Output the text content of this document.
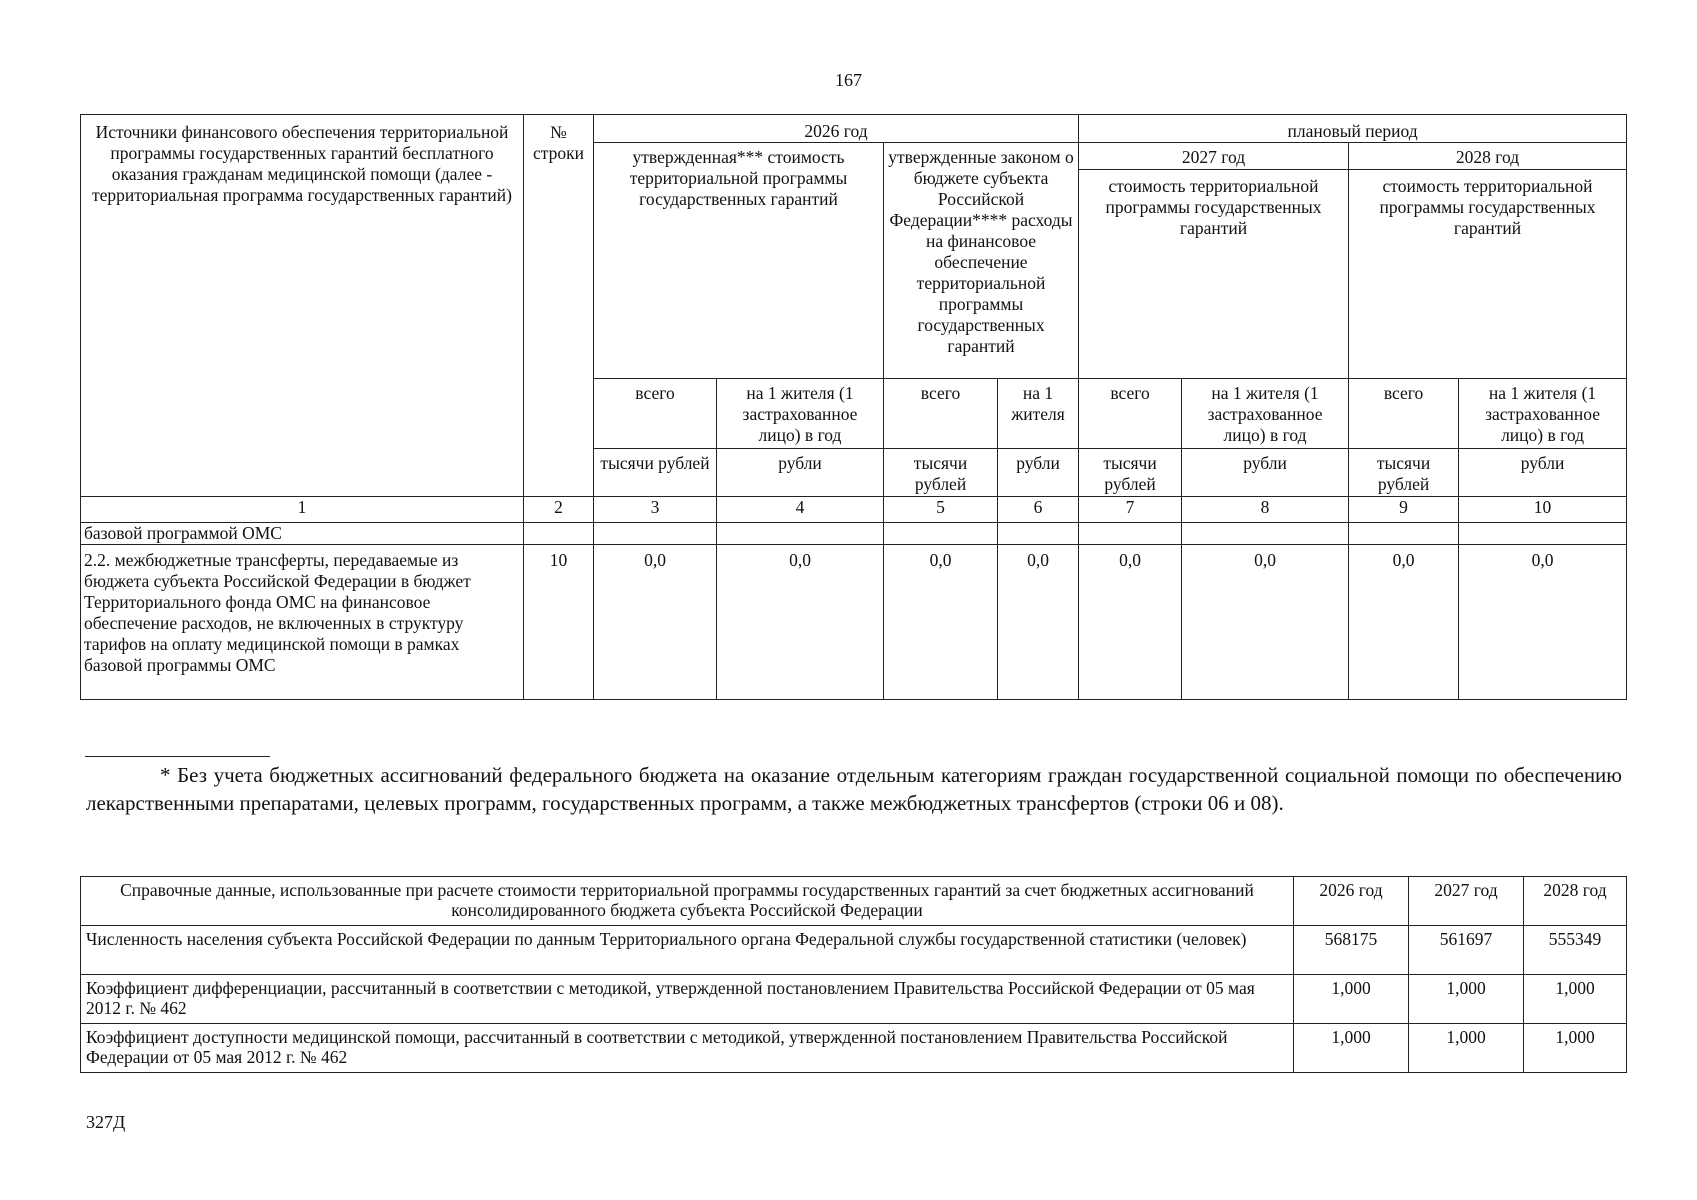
167
Источники финансового обеспечения территориальной программы государственных гарантий бесплатного оказания гражданам медицинской помощи (далее - территориальная программа государственных гарантий)	№ строки	2026 год				плановый период			
		утвержденная*** стоимость территориальной программы государственных гарантий		утвержденные законом о бюджете субъекта Российской Федерации**** расходы на финансовое обеспечение территориальной программы государственных гарантий		2027 год		2028 год	
						стоимость территориальной программы государственных гарантий		стоимость территориальной программы государственных гарантий	
		всего	на 1 жителя (1 застрахованное лицо) в год	всего	на 1 жителя	всего	на 1 жителя (1 застрахованное лицо) в год	всего	на 1 жителя (1 застрахованное лицо) в год
		тысячи рублей	рубли	тысячи рублей	рубли	тысячи рублей	рубли	тысячи рублей	рубли
1	2	3	4	5	6	7	8	9	10
базовой программой ОМС									
2.2. межбюджетные трансферты, передаваемые из бюджета субъекта Российской Федерации в бюджет Территориального фонда ОМС на финансовое обеспечение расходов, не включенных в структуру тарифов на оплату медицинской помощи в рамках базовой программы ОМС	10	0,0	0,0	0,0	0,0	0,0	0,0	0,0	0,0
* Без учета бюджетных ассигнований федерального бюджета на оказание отдельным категориям граждан государственной социальной помощи по обеспечению лекарственными препаратами, целевых программ, государственных программ, а также межбюджетных трансфертов (строки 06 и 08).
Справочные данные, использованные при расчете стоимости территориальной программы государственных гарантий за счет бюджетных ассигнований консолидированного бюджета субъекта Российской Федерации	2026 год	2027 год	2028 год
Численность населения субъекта Российской Федерации по данным Территориального органа Федеральной службы государственной статистики (человек)	568175	561697	555349
Коэффициент дифференциации, рассчитанный в соответствии с методикой, утвержденной постановлением Правительства Российской Федерации от 05 мая 2012 г. № 462	1,000	1,000	1,000
Коэффициент доступности медицинской помощи, рассчитанный в соответствии с методикой, утвержденной постановлением Правительства Российской Федерации от 05 мая 2012 г. № 462	1,000	1,000	1,000
327Д
